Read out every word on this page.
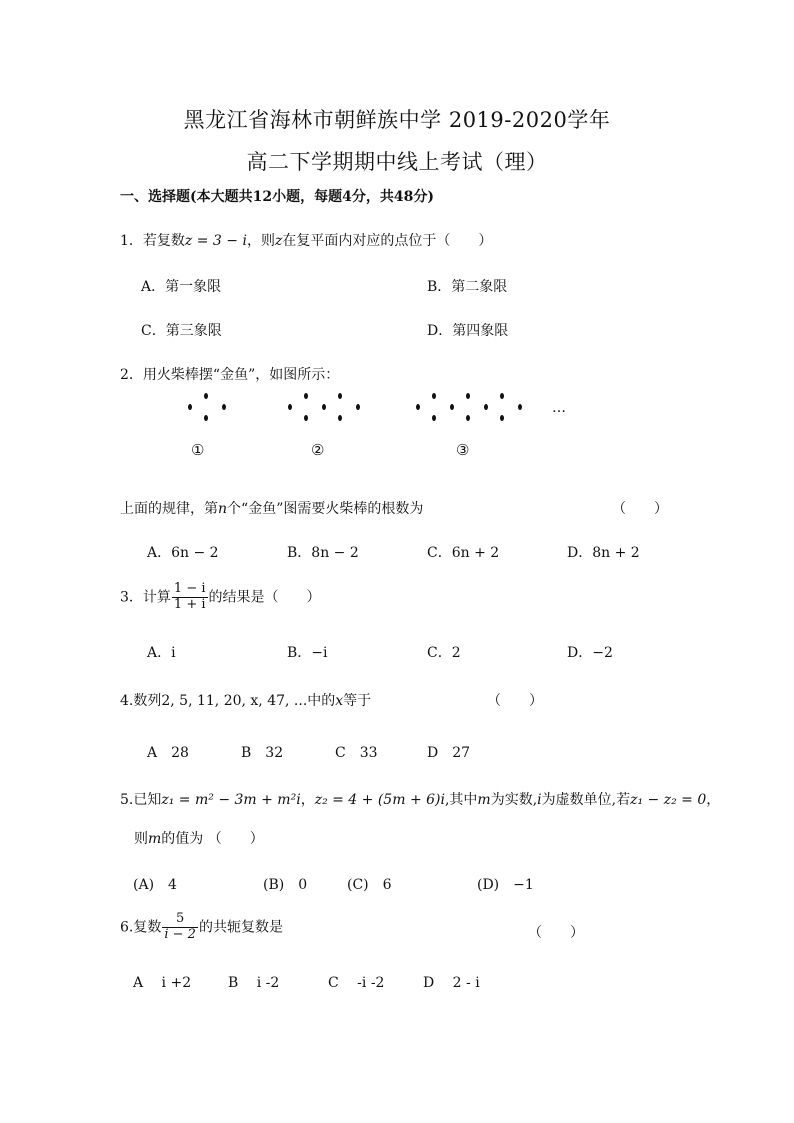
黑龙江省海林市朝鲜族中学 2019-2020学年
高二下学期期中线上考试（理）
一、选择题(本大题共12小题，每题4分，共48分)
1．若复数z = 3 − i，则z在复平面内对应的点位于（　　）
A．第一象限	B．第二象限
C．第三象限	D．第四象限
2．用火柴棒摆“金鱼”，如图所示：
…
①	②	③
上面的规律，第n个“金鱼”图需要火柴棒的根数为	（　　）
A．6n − 2	B．8n − 2	C．6n + 2	D．8n + 2
3．计算 $\frac{1 - i}{1 + i}$ 的结果是（　　）
A．i	B．−i	C．2	D．−2
4.数列2, 5, 11, 20, x, 47, ...中的x等于	（　　）
A　28	B　32	C　33	D　27
5.已知z₁ = m² − 3m + m²i，z₂ = 4 + (5m + 6)i,其中m为实数,i为虚数单位,若z₁ − z₂ = 0，
则m的值为 （　　）
(A)　4	(B)　0	(C)　6	(D)　−1
6.复数 $\frac{5}{i - 2}$ 的共轭复数是	（　　）
A　 i +2	B　 i -2	C　 -i -2	D　 2 - i
